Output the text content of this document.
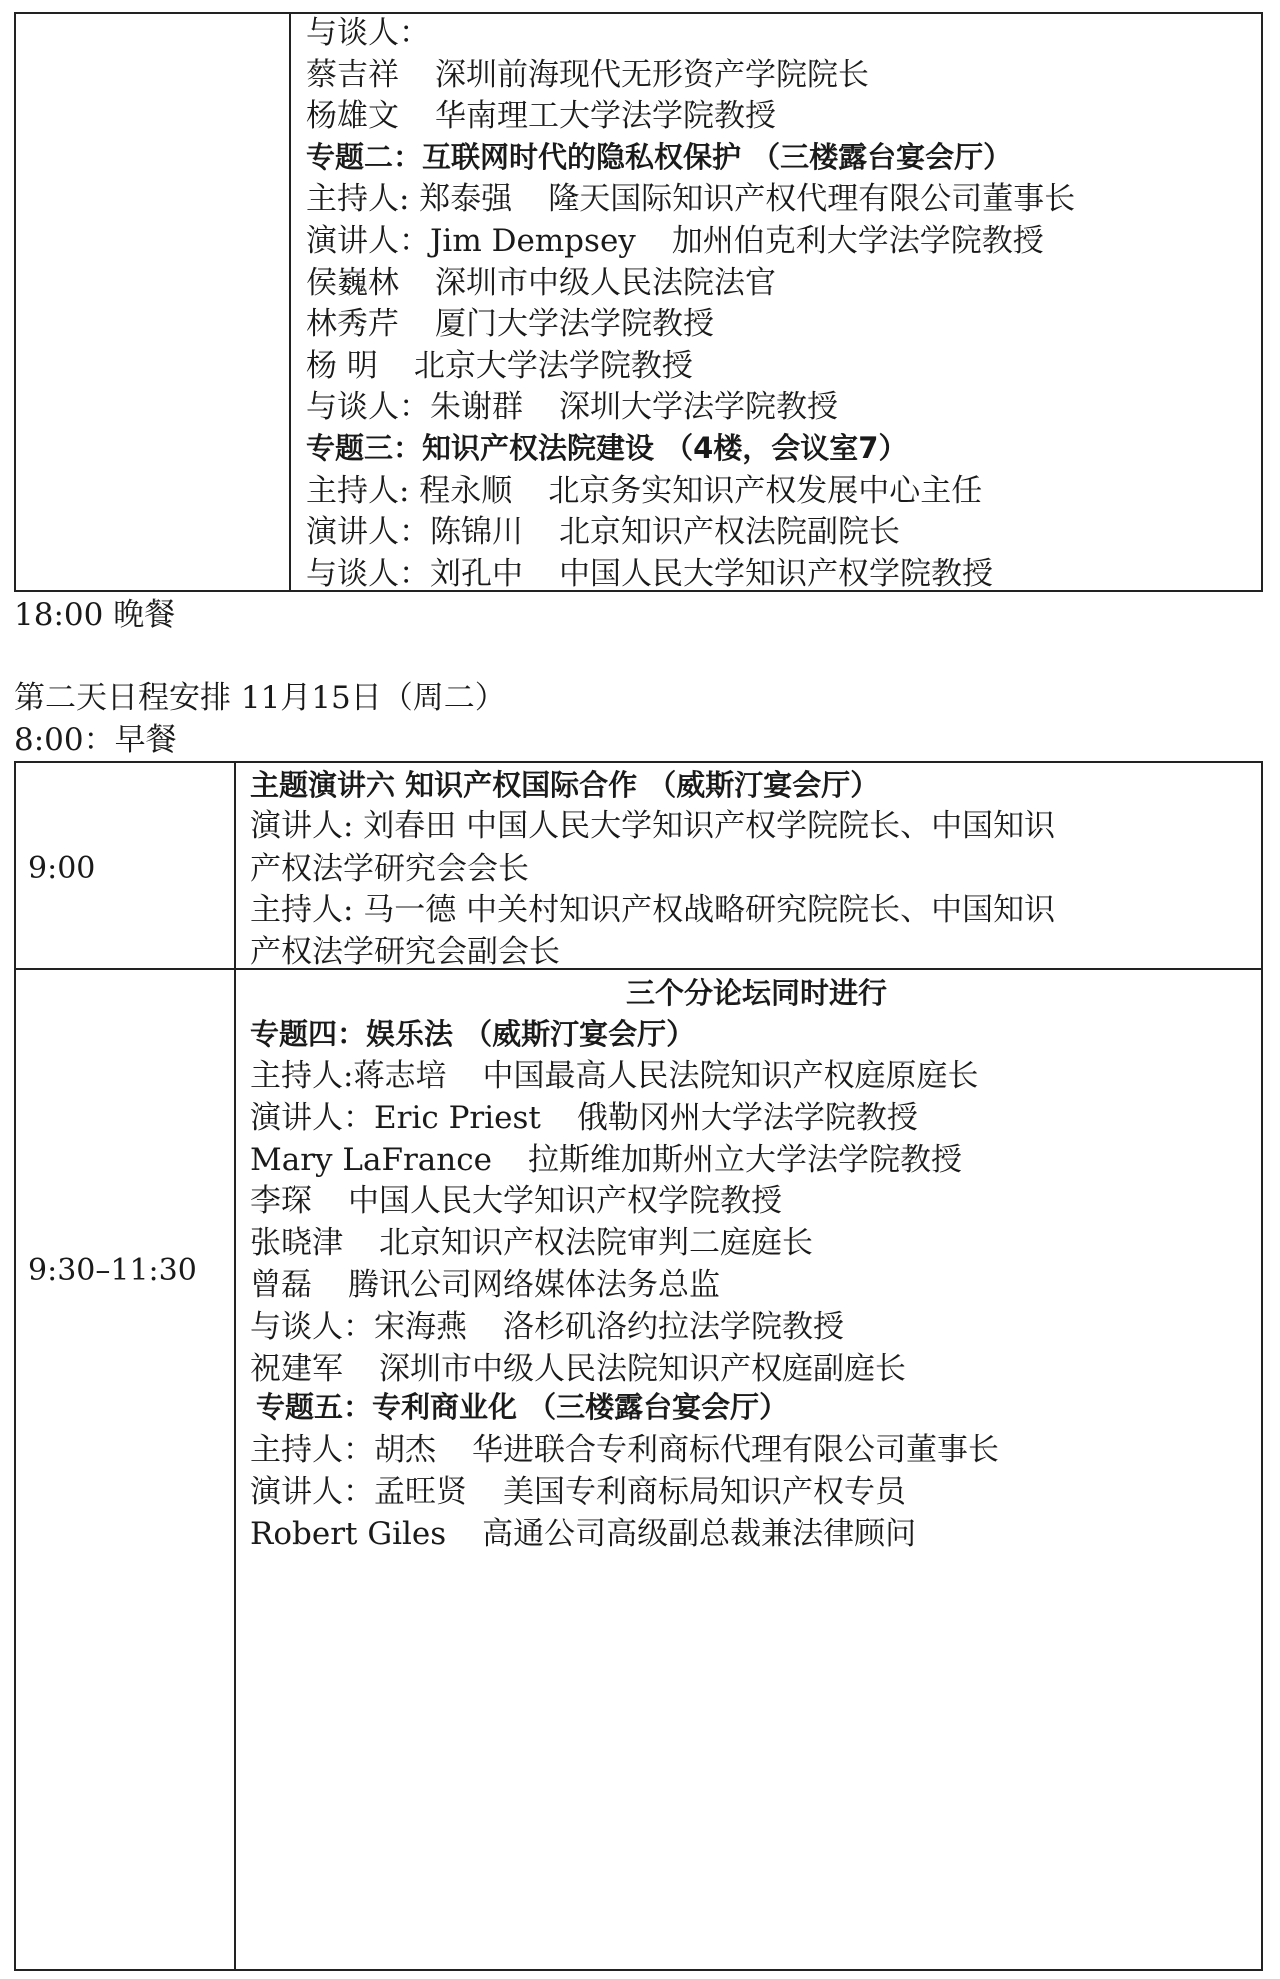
与谈人：
蔡吉祥 深圳前海现代无形资产学院院长
杨雄文 华南理工大学法学院教授
专题二：互联网时代的隐私权保护 （三楼露台宴会厅）
主持人: 郑泰强 隆天国际知识产权代理有限公司董事长
演讲人：Jim Dempsey 加州伯克利大学法学院教授
侯巍林 深圳市中级人民法院法官
林秀芹 厦门大学法学院教授
杨 明 北京大学法学院教授
与谈人：朱谢群 深圳大学法学院教授
专题三：知识产权法院建设 （4楼，会议室7）
主持人: 程永顺 北京务实知识产权发展中心主任
演讲人：陈锦川 北京知识产权法院副院长
与谈人：刘孔中 中国人民大学知识产权学院教授
18:00 晚餐
第二天日程安排 11月15日（周二）
8:00：早餐
9:00
主题演讲六 知识产权国际合作 （威斯汀宴会厅）
演讲人: 刘春田 中国人民大学知识产权学院院长、中国知识
产权法学研究会会长
主持人: 马一德 中关村知识产权战略研究院院长、中国知识
产权法学研究会副会长
9:30–11:30
三个分论坛同时进行
专题四：娱乐法 （威斯汀宴会厅）
主持人:蒋志培 中国最高人民法院知识产权庭原庭长
演讲人：Eric Priest 俄勒冈州大学法学院教授
Mary LaFrance 拉斯维加斯州立大学法学院教授
李琛 中国人民大学知识产权学院教授
张晓津 北京知识产权法院审判二庭庭长
曾磊 腾讯公司网络媒体法务总监
与谈人：宋海燕 洛杉矶洛约拉法学院教授
祝建军 深圳市中级人民法院知识产权庭副庭长
专题五：专利商业化 （三楼露台宴会厅）
主持人：胡杰 华进联合专利商标代理有限公司董事长
演讲人：孟旺贤 美国专利商标局知识产权专员
Robert Giles 高通公司高级副总裁兼法律顾问
